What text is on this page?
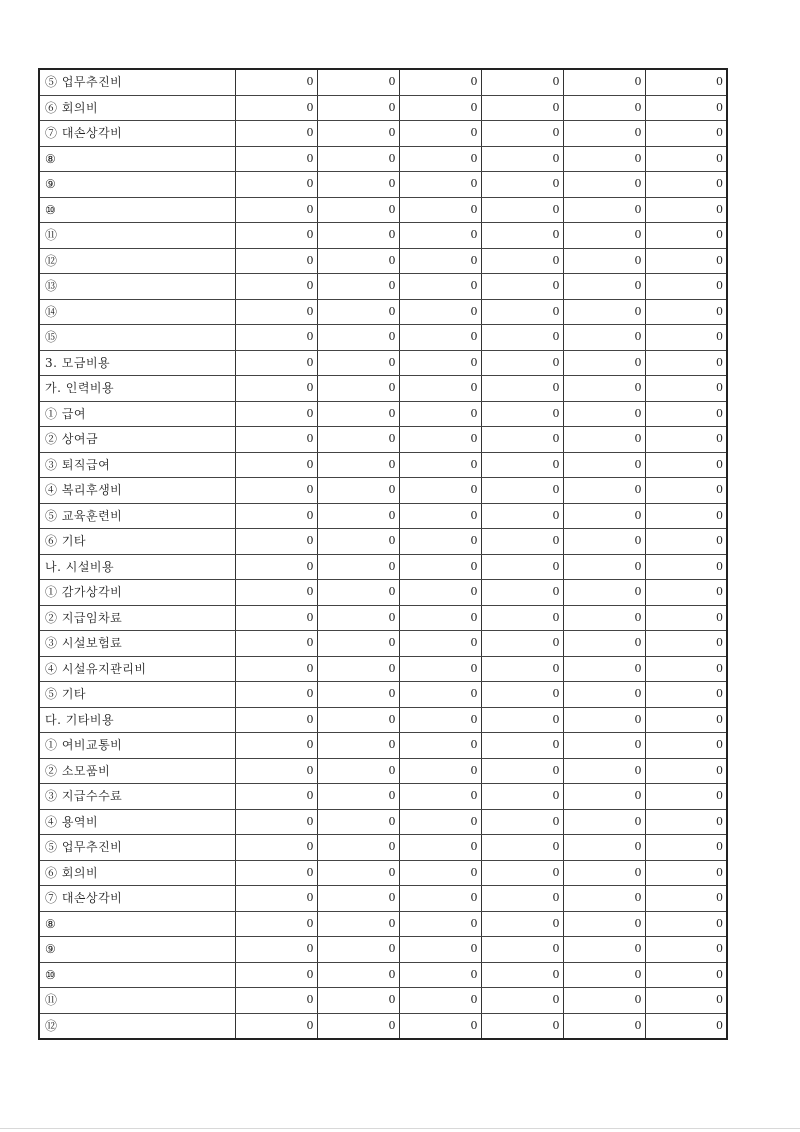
⑤ 업무추진비	0	0	0	0	0	0
⑥ 회의비	0	0	0	0	0	0
⑦ 대손상각비	0	0	0	0	0	0
⑧	0	0	0	0	0	0
⑨	0	0	0	0	0	0
⑩	0	0	0	0	0	0
⑪	0	0	0	0	0	0
⑫	0	0	0	0	0	0
⑬	0	0	0	0	0	0
⑭	0	0	0	0	0	0
⑮	0	0	0	0	0	0
3. 모금비용	0	0	0	0	0	0
가. 인력비용	0	0	0	0	0	0
① 급여	0	0	0	0	0	0
② 상여금	0	0	0	0	0	0
③ 퇴직급여	0	0	0	0	0	0
④ 복리후생비	0	0	0	0	0	0
⑤ 교육훈련비	0	0	0	0	0	0
⑥ 기타	0	0	0	0	0	0
나. 시설비용	0	0	0	0	0	0
① 감가상각비	0	0	0	0	0	0
② 지급임차료	0	0	0	0	0	0
③ 시설보험료	0	0	0	0	0	0
④ 시설유지관리비	0	0	0	0	0	0
⑤ 기타	0	0	0	0	0	0
다. 기타비용	0	0	0	0	0	0
① 여비교통비	0	0	0	0	0	0
② 소모품비	0	0	0	0	0	0
③ 지급수수료	0	0	0	0	0	0
④ 용역비	0	0	0	0	0	0
⑤ 업무추진비	0	0	0	0	0	0
⑥ 회의비	0	0	0	0	0	0
⑦ 대손상각비	0	0	0	0	0	0
⑧	0	0	0	0	0	0
⑨	0	0	0	0	0	0
⑩	0	0	0	0	0	0
⑪	0	0	0	0	0	0
⑫	0	0	0	0	0	0
